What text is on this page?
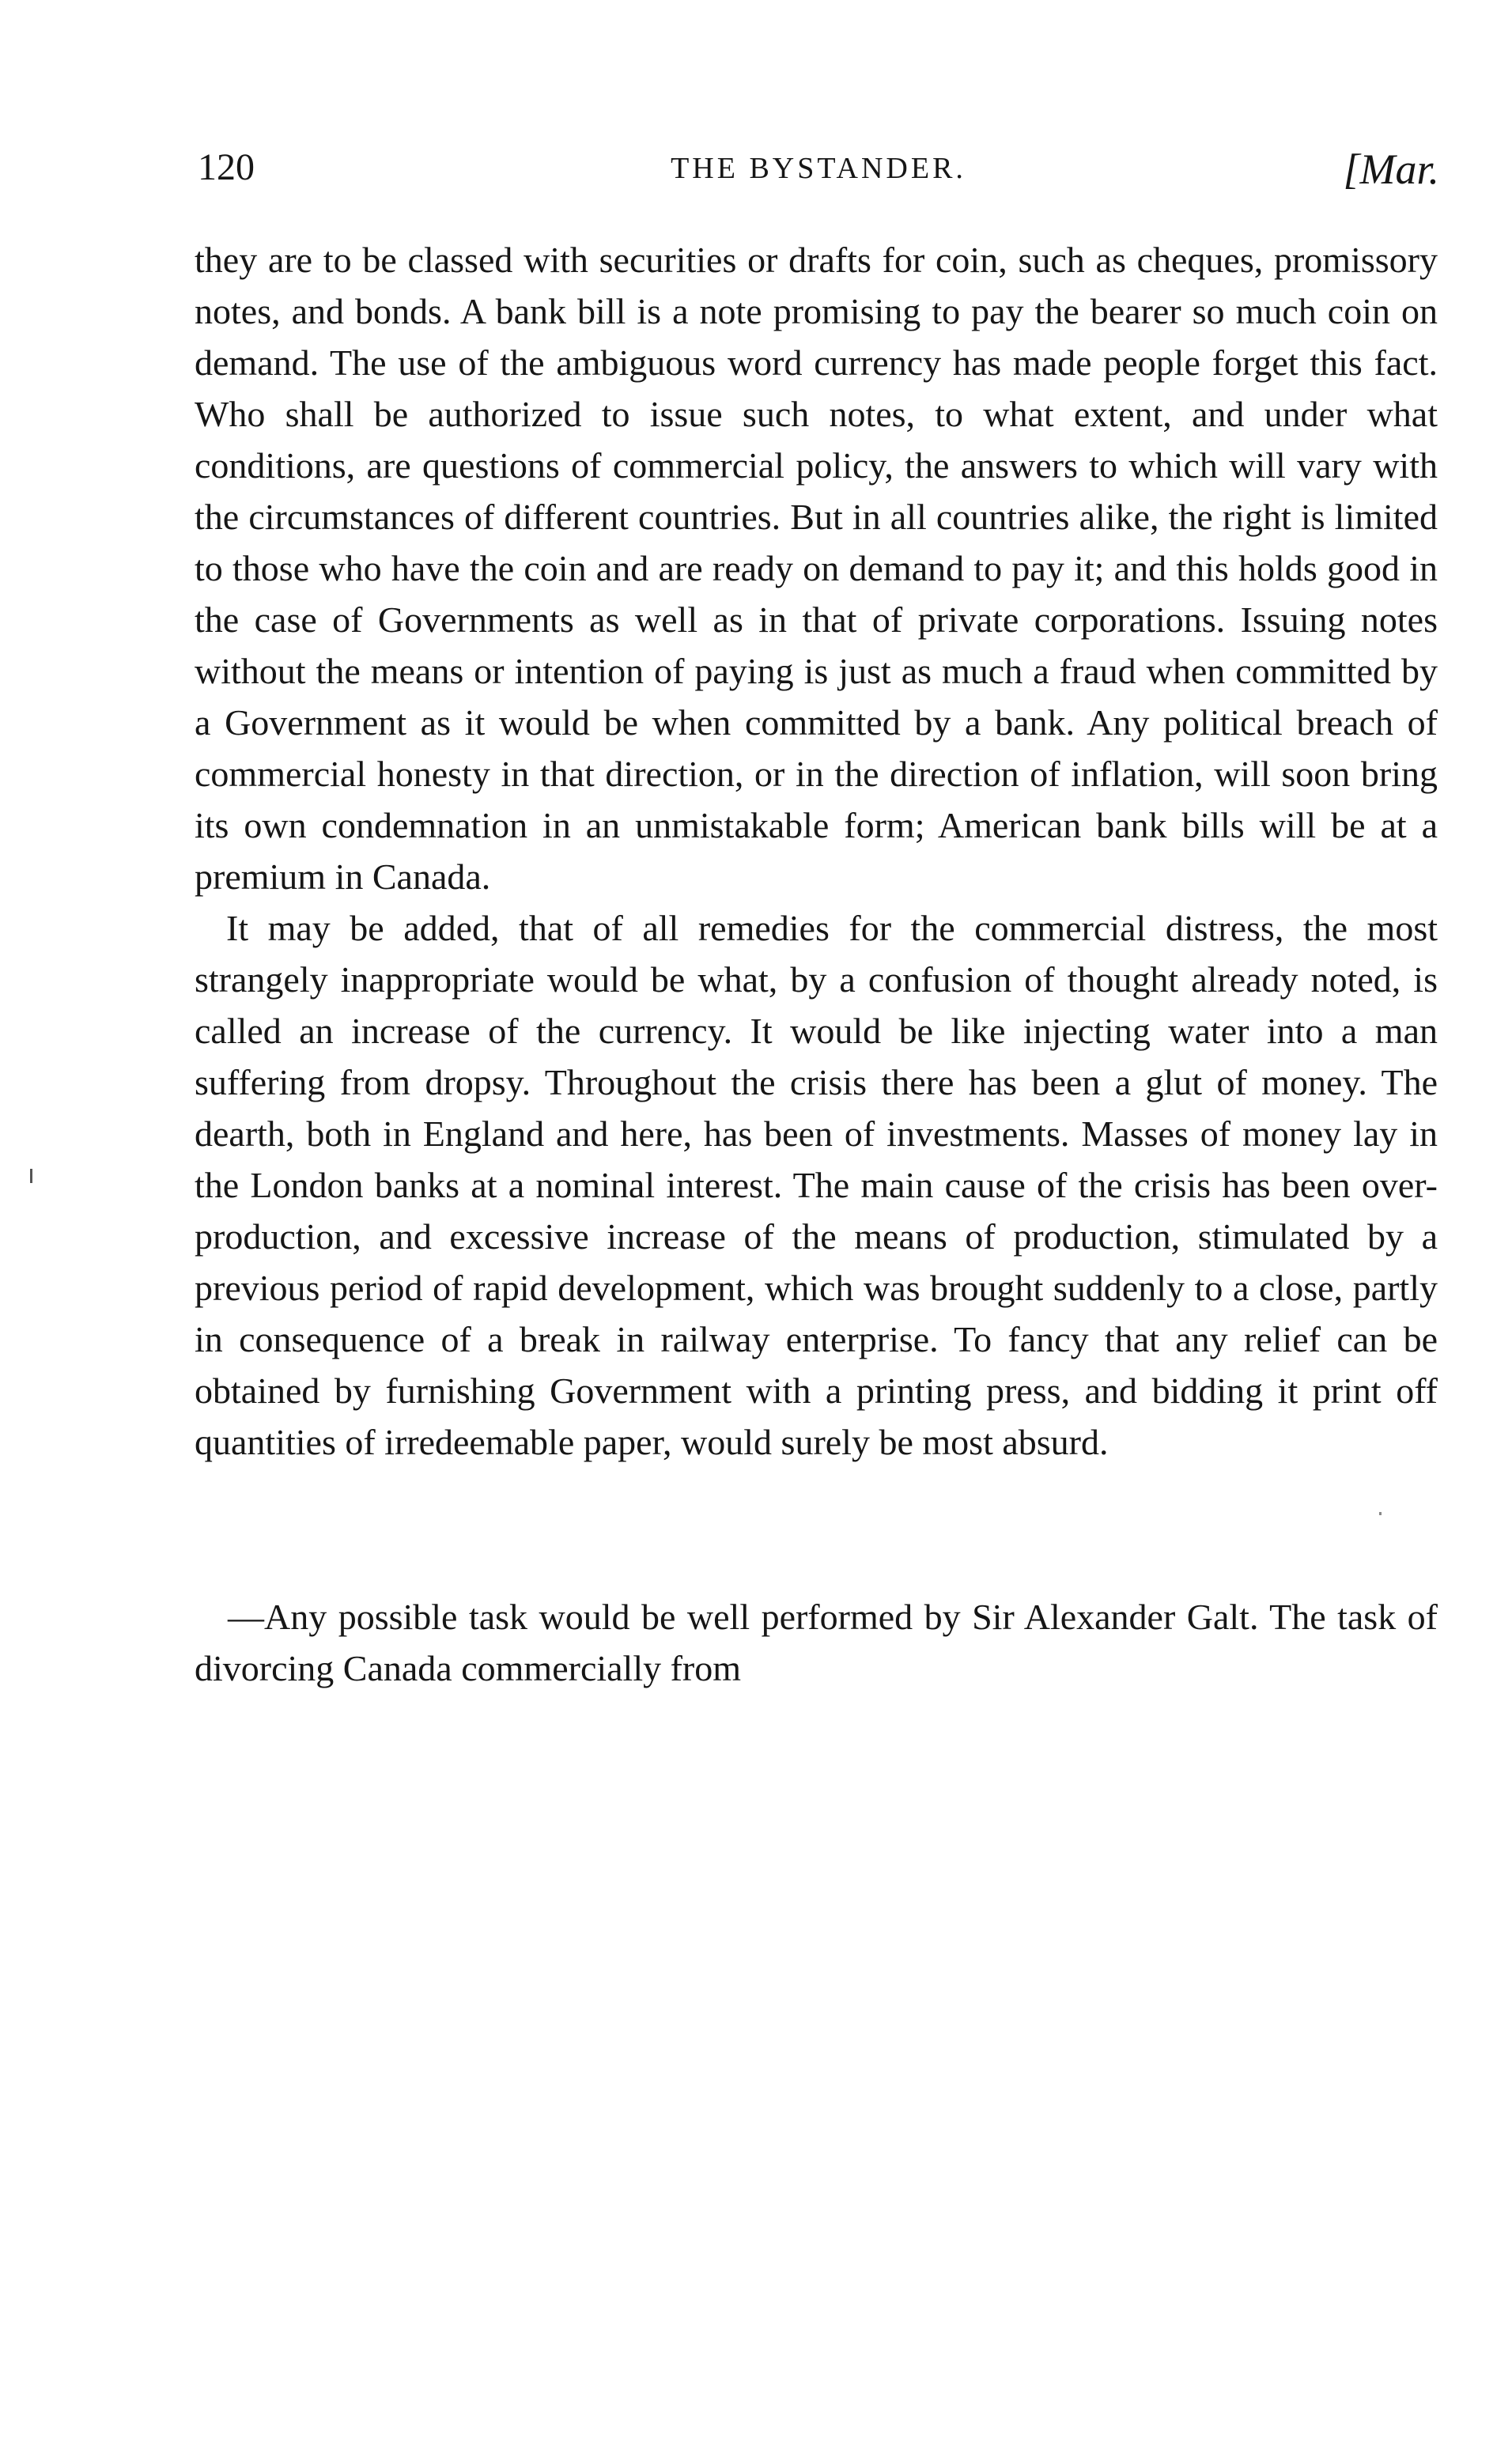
120	THE BYSTANDER.	[Mar.

they are to be classed with securities or drafts for coin, such as cheques, promissory notes, and bonds. A bank bill is a note promising to pay the bearer so much coin on demand. The use of the ambiguous word currency has made people forget this fact. Who shall be authorized to issue such notes, to what extent, and under what conditions, are questions of commercial policy, the answers to which will vary with the circumstances of different countries. But in all countries alike, the right is limited to those who have the coin and are ready on demand to pay it; and this holds good in the case of Governments as well as in that of private corporations. Issuing notes without the means or intention of paying is just as much a fraud when committed by a Government as it would be when committed by a bank. Any political breach of commercial honesty in that direction, or in the direction of inflation, will soon bring its own condemnation in an unmistakable form; American bank bills will be at a premium in Canada.

It may be added, that of all remedies for the commercial distress, the most strangely inappropriate would be what, by a confusion of thought already noted, is called an increase of the currency. It would be like injecting water into a man suffering from dropsy. Throughout the crisis there has been a glut of money. The dearth, both in England and here, has been of investments. Masses of money lay in the London banks at a nominal interest. The main cause of the crisis has been over-production, and excessive increase of the means of production, stimulated by a previous period of rapid development, which was brought suddenly to a close, partly in consequence of a break in railway enterprise. To fancy that any relief can be obtained by furnishing Government with a printing press, and bidding it print off quantities of irredeemable paper, would surely be most absurd.

—Any possible task would be well performed by Sir Alexander Galt. The task of divorcing Canada commercially from
